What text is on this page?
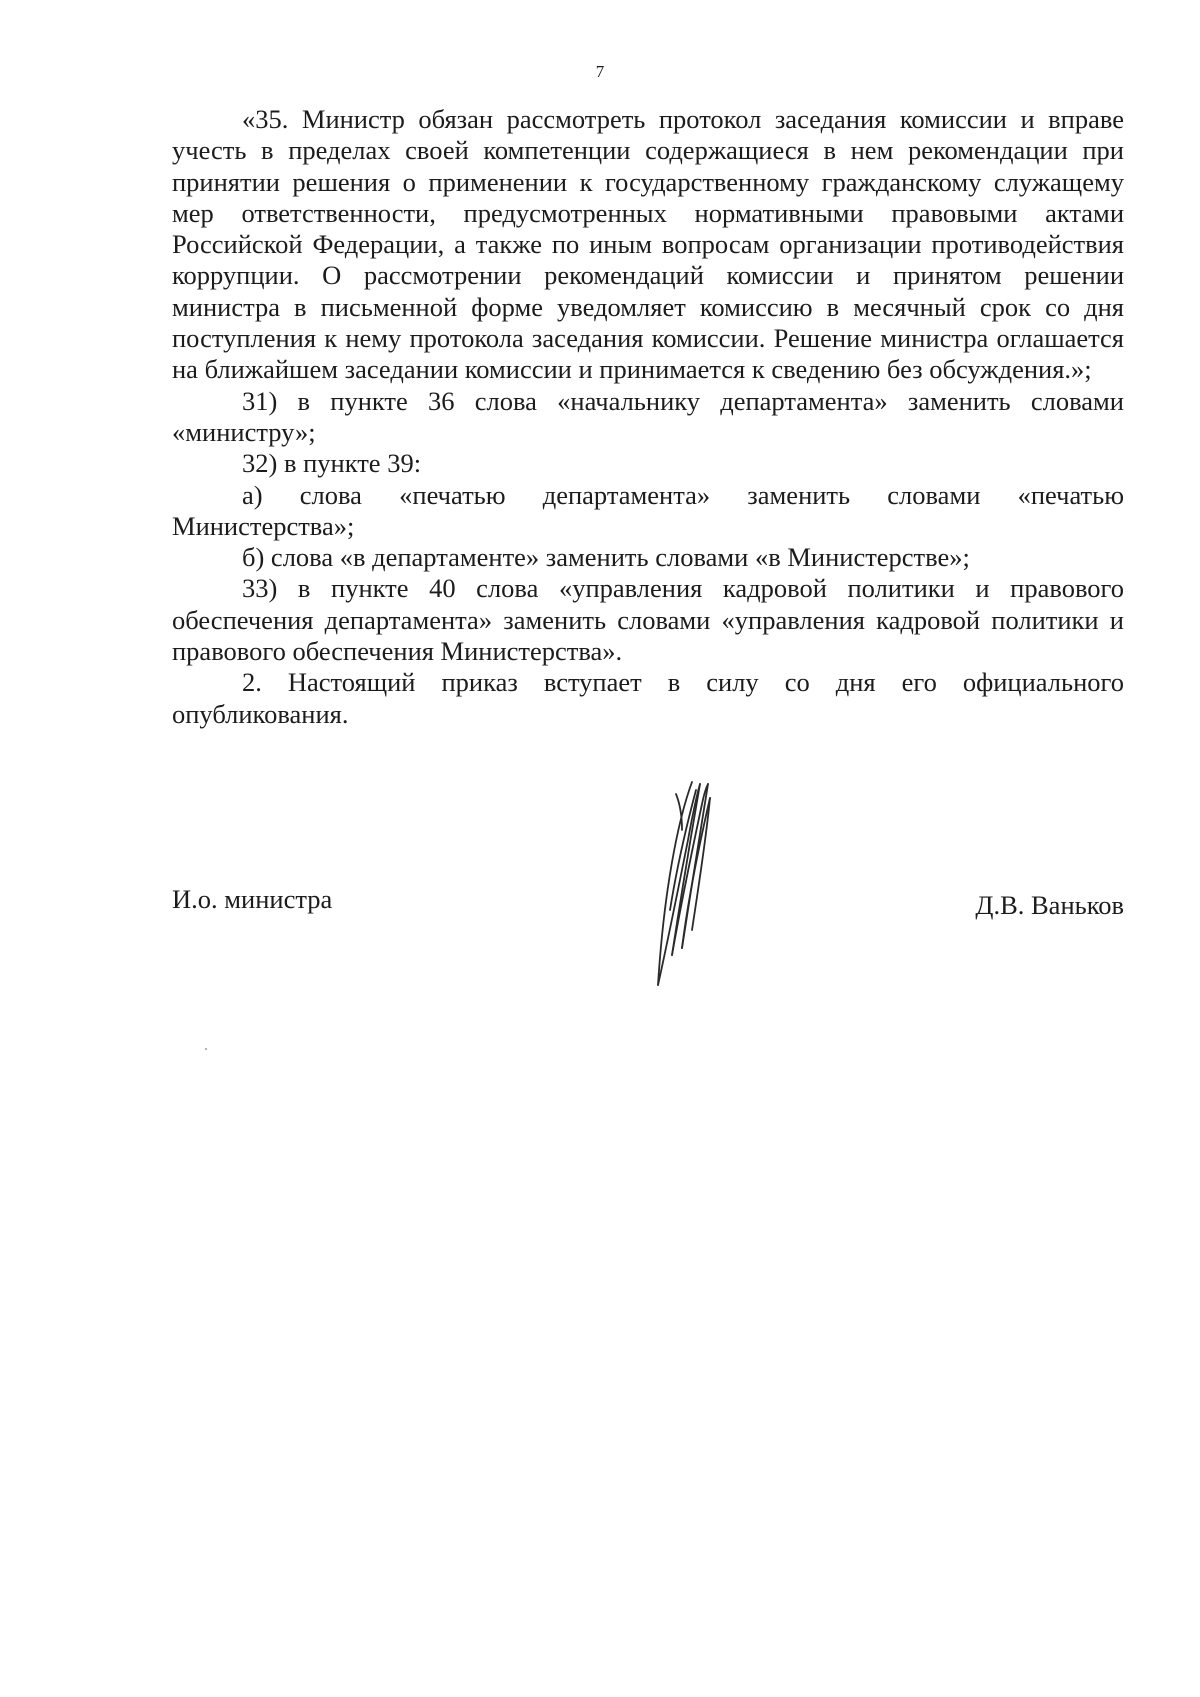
7

«35. Министр обязан рассмотреть протокол заседания комиссии и вправе учесть в пределах своей компетенции содержащиеся в нем рекомендации при принятии решения о применении к государственному гражданскому служащему мер ответственности, предусмотренных нормативными правовыми актами Российской Федерации, а также по иным вопросам организации противодействия коррупции. О рассмотрении рекомендаций комиссии и принятом решении министра в письменной форме уведомляет комиссию в месячный срок со дня поступления к нему протокола заседания комиссии. Решение министра оглашается на ближайшем заседании комиссии и принимается к сведению без обсуждения.»;

31) в пункте 36 слова «начальнику департамента» заменить словами «министру»;

32) в пункте 39:

а) слова «печатью департамента» заменить словами «печатью Министерства»;

б) слова «в департаменте» заменить словами «в Министерстве»;

33) в пункте 40 слова «управления кадровой политики и правового обеспечения департамента» заменить словами «управления кадровой политики и правового обеспечения Министерства».

2. Настоящий приказ вступает в силу со дня его официального опубликования.

И.о. министра	Д.В. Ваньков
